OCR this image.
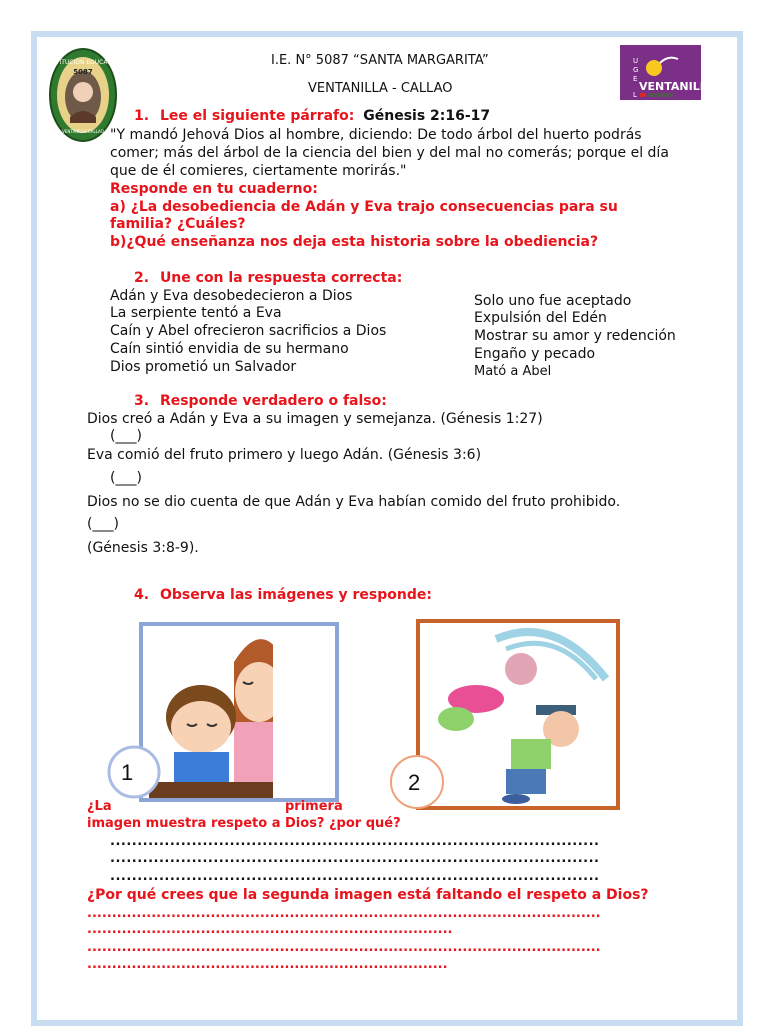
INSTITUCIÓN EDUCATIVA
5087
VENTANILLA CALLAO
I.E. N° 5087 “SANTA MARGARITA”
VENTANILLA - CALLAO
U
G
E
L
VENTANILLA
1. Lee el siguiente párrafo: Génesis 2:16-17
"Y mandó Jehová Dios al hombre, diciendo: De todo árbol del huerto podrás
comer; más del árbol de la ciencia del bien y del mal no comerás; porque el día
que de él comieres, ciertamente morirás."
Responde en tu cuaderno:
a) ¿La desobediencia de Adán y Eva trajo consecuencias para su
familia? ¿Cuáles?
b)¿Qué enseñanza nos deja esta historia sobre la obediencia?
2. Une con la respuesta correcta:
Adán y Eva desobedecieron a Dios
La serpiente tentó a Eva
Caín y Abel ofrecieron sacrificios a Dios
Caín sintió envidia de su hermano
Dios prometió un Salvador
Solo uno fue aceptado
Expulsión del Edén
Mostrar su amor y redención
Engaño y pecado
Mató a Abel
3. Responde verdadero o falso:
Dios creó a Adán y Eva a su imagen y semejanza. (Génesis 1:27)
(___)
Eva comió del fruto primero y luego Adán. (Génesis 3:6)
(___)
Dios no se dio cuenta de que Adán y Eva habían comido del fruto prohibido.
(___)
(Génesis 3:8-9).
4. Observa las imágenes y responde:
1	2
¿La	primera
imagen muestra respeto a Dios? ¿por qué?
..........................................................................................
..........................................................................................
..........................................................................................
¿Por qué crees que la segunda imagen está faltando el respeto a Dios?
........................................................................................................
..........................................................................
........................................................................................................
.........................................................................
